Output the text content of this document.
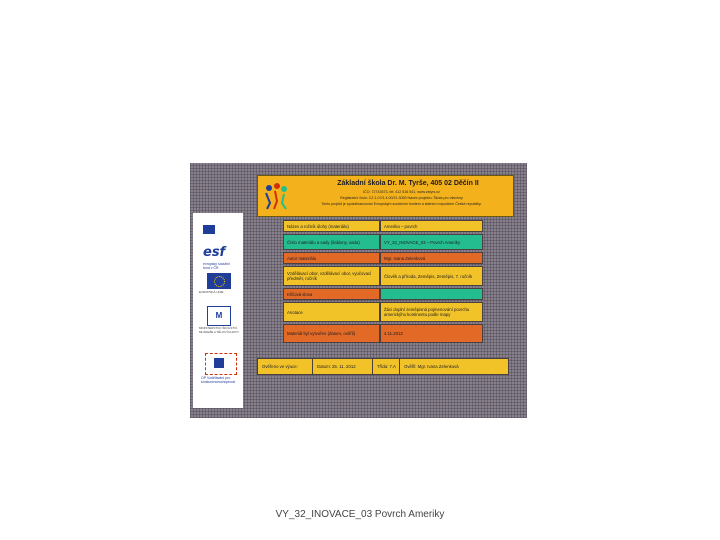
esf
evropský sociální fond v ČR
EVROPSKÁ UNIE
M
MINISTERSTVO ŠKOLSTVÍ, MLÁDEŽE A TĚLOVÝCHOVY
OP Vzdělávání pro konkurenceschopnost
Základní škola Dr. M. Tyrše, 405 02 Děčín II
IČO: 72743573, tel: 412 516 541, www.zstyrs.cz
Registrační číslo: CZ.1.07/1.4.00/21.3059 Název projektu: Škola pro všechny
Tento projekt je spolufinancován Evropským sociálním fondem a státním rozpočtem České republiky.
Název a ročník úlohy (materiálu)	Amerika – povrch
Číslo materiálu a sady (šablony, sada)	VY_32_INOVACE_03 – Povrch Ameriky
Autor materiálu	Mgr. Ivana Zelenková
Vzdělávací obor, vzdělávací obor, vyučovací předmět, ročník	Člověk a příroda, Zeměpis, Zeměpis, 7. ročník
Klíčová slova
Anotace	Žáci doplní zeměpisná pojmenování povrchu americkýho kontinentu podle mapy
Materiál byl vytvořen (datum, ověřil)	4.11.2012
Ověřeno ve výuce:	Datum: 25. 11. 2012	Třída: 7.A	Ověřil: Mgr. Ivana Zelenková
VY_32_INOVACE_03 Povrch Ameriky
